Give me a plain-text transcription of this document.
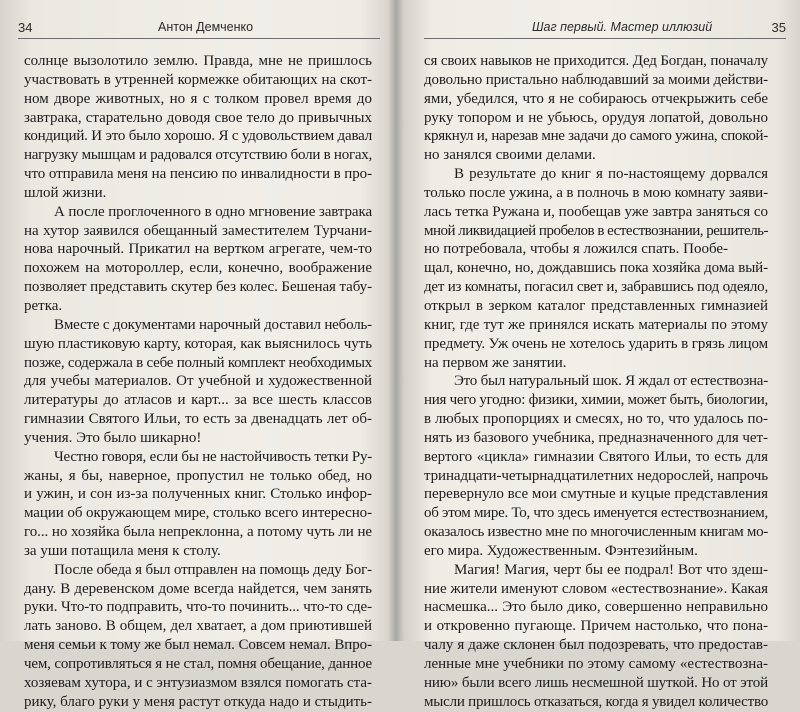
34	Антон Демченко
солнце вызолотило землю. Правда, мне не пришлось
участвовать в утренней кормежке обитающих на скот-
ном дворе животных, но я с толком провел время до
завтрака, старательно доводя свое тело до привычных
кондиций. И это было хорошо. Я с удовольствием давал
нагрузку мышцам и радовался отсутствию боли в ногах,
что отправила меня на пенсию по инвалидности в про-
шлой жизни.
А после проглоченного в одно мгновение завтрака
на хутор заявился обещанный заместителем Турчани-
нова нарочный. Прикатил на вертком агрегате, чем-то
похожем на мотороллер, если, конечно, воображение
позволяет представить скутер без колес. Бешеная табу-
ретка.
Вместе с документами нарочный доставил неболь-
шую пластиковую карту, которая, как выяснилось чуть
позже, содержала в себе полный комплект необходимых
для учебы материалов. От учебной и художественной
литературы до атласов и карт... за все шесть классов
гимназии Святого Ильи, то есть за двенадцать лет об-
учения. Это было шикарно!
Честно говоря, если бы не настойчивость тетки Ру-
жаны, я бы, наверное, пропустил не только обед, но
и ужин, и сон из-за полученных книг. Столько инфор-
мации об окружающем мире, столько всего интересно-
го... но хозяйка была непреклонна, а потому чуть ли не
за уши потащила меня к столу.
После обеда я был отправлен на помощь деду Бог-
дану. В деревенском доме всегда найдется, чем занять
руки. Что-то подправить, что-то починить... что-то сде-
лать заново. В общем, дел хватает, а дом приютившей
меня семьи к тому же был немал. Совсем немал. Впро-
чем, сопротивляться я не стал, помня обещание, данное
хозяевам хутора, и с энтузиазмом взялся помогать ста-
рику, благо руки у меня растут откуда надо и стыдить-
Шаг первый. Мастер иллюзий	35
ся своих навыков не приходится. Дед Богдан, поначалу
довольно пристально наблюдавший за моими действи-
ями, убедился, что я не собираюсь отчекрыжить себе
руку топором и не убьюсь, орудуя лопатой, довольно
крякнул и, нарезав мне задачи до самого ужина, спокой-
но занялся своими делами.
В результате до книг я по-настоящему дорвался
только после ужина, а в полночь в мою комнату заяви-
лась тетка Ружана и, пообещав уже завтра заняться со
мной ликвидацией пробелов в естествознании, решитель-
но потребовала, чтобы я ложился спать. Пообе-
щал, конечно, но, дождавшись пока хозяйка дома вый-
дет из комнаты, погасил свет и, забравшись под одеяло,
открыл в зерком каталог представленных гимназией
книг, где тут же принялся искать материалы по этому
предмету. Уж очень не хотелось ударить в грязь лицом
на первом же занятии.
Это был натуральный шок. Я ждал от естествозна-
ния чего угодно: физики, химии, может быть, биологии,
в любых пропорциях и смесях, но то, что удалось по-
нять из базового учебника, предназначенного для чет-
вертого «цикла» гимназии Святого Ильи, то есть для
тринадцати-четырнадцатилетних недорослей, напрочь
перевернуло все мои смутные и куцые представления
об этом мире. То, что здесь именуется естествознанием,
оказалось известно мне по многочисленным книгам мо-
его мира. Художественным. Фэнтезийным.
Магия! Магия, черт бы ее подрал! Вот что здеш-
ние жители именуют словом «естествознание». Какая
насмешка... Это было дико, совершенно неправильно
и откровенно пугающе. Причем настолько, что пона-
чалу я даже склонен был подозревать, что предостав-
ленные мне учебники по этому самому «естествозна-
нию» были всего лишь несмешной шуткой. Но от этой
мысли пришлось отказаться, когда я увидел количество
